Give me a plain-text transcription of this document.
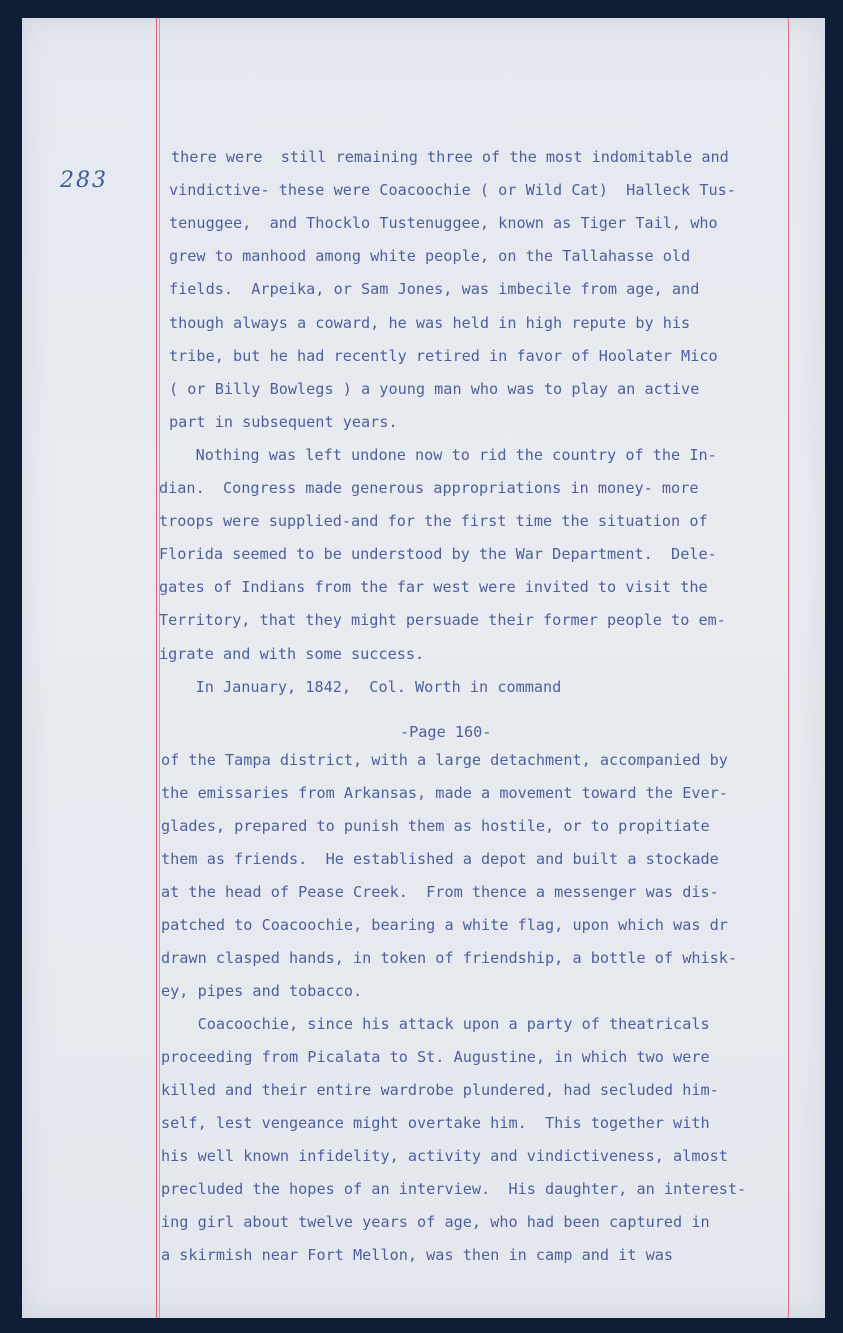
283
there were  still remaining three of the most indomitable and
vindictive- these were Coacoochie ( or Wild Cat)  Halleck Tus-
tenuggee,  and Thocklo Tustenuggee, known as Tiger Tail, who
grew to manhood among white people, on the Tallahasse old
fields.  Arpeika, or Sam Jones, was imbecile from age, and
though always a coward, he was held in high repute by his
tribe, but he had recently retired in favor of Hoolater Mico
( or Billy Bowlegs ) a young man who was to play an active
part in subsequent years.
Nothing was left undone now to rid the country of the In-
dian.  Congress made generous appropriations in money- more
troops were supplied-and for the first time the situation of
Florida seemed to be understood by the War Department.  Dele-
gates of Indians from the far west were invited to visit the
Territory, that they might persuade their former people to em-
igrate and with some success.
In January, 1842,  Col. Worth in command
-Page 160-
of the Tampa district, with a large detachment, accompanied by
the emissaries from Arkansas, made a movement toward the Ever-
glades, prepared to punish them as hostile, or to propitiate
them as friends.  He established a depot and built a stockade
at the head of Pease Creek.  From thence a messenger was dis-
patched to Coacoochie, bearing a white flag, upon which was dr
drawn clasped hands, in token of friendship, a bottle of whisk-
ey, pipes and tobacco.
Coacoochie, since his attack upon a party of theatricals
proceeding from Picalata to St. Augustine, in which two were
killed and their entire wardrobe plundered, had secluded him-
self, lest vengeance might overtake him.  This together with
his well known infidelity, activity and vindictiveness, almost
precluded the hopes of an interview.  His daughter, an interest-
ing girl about twelve years of age, who had been captured in
a skirmish near Fort Mellon, was then in camp and it was
